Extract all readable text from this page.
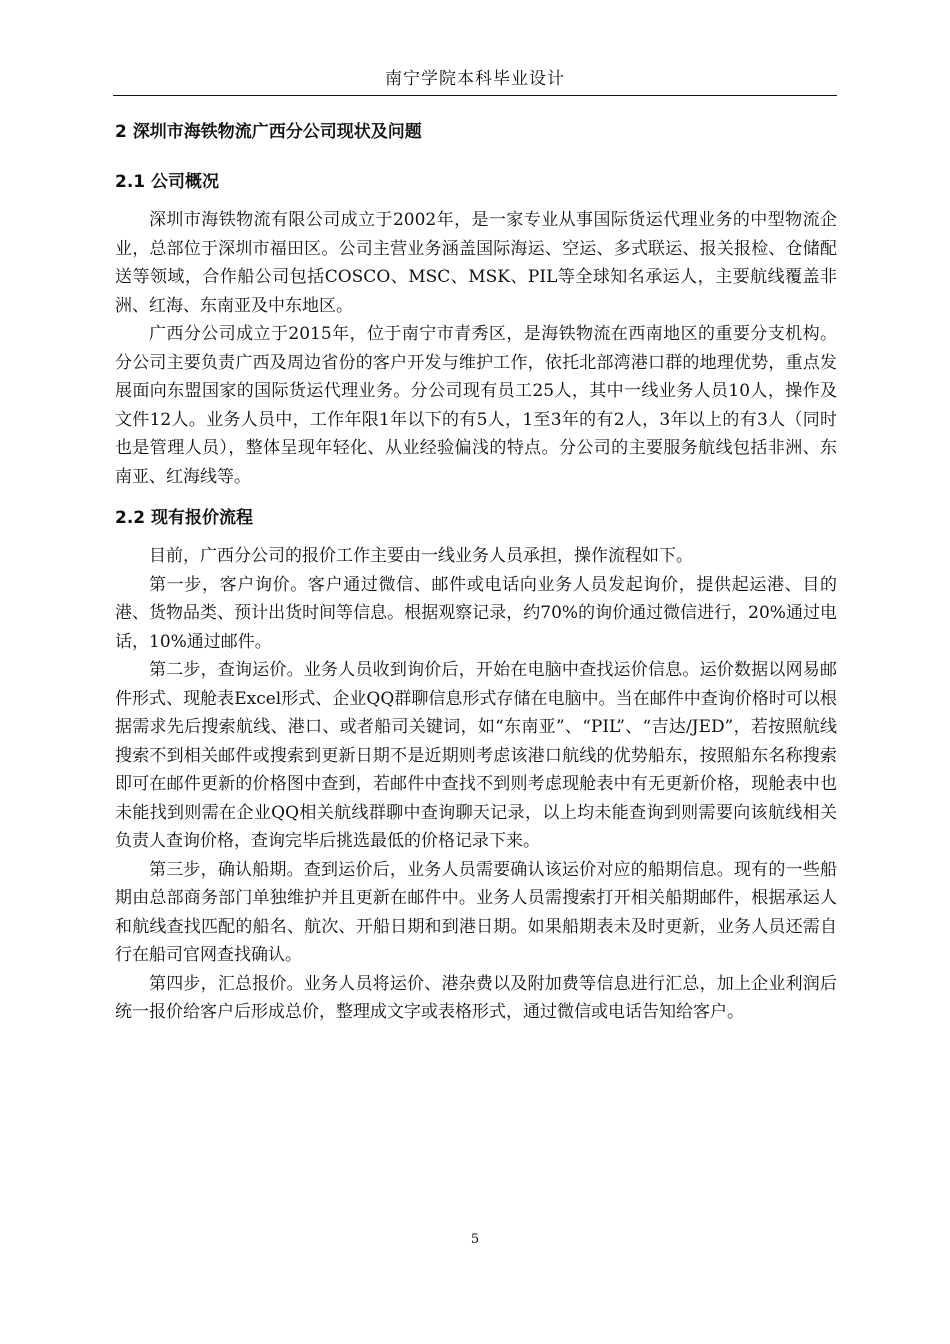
南宁学院本科毕业设计
2 深圳市海铁物流广西分公司现状及问题
2.1 公司概况

深圳市海铁物流有限公司成立于2002年，是一家专业从事国际货运代理业务的中型物流企业，总部位于深圳市福田区。公司主营业务涵盖国际海运、空运、多式联运、报关报检、仓储配送等领域，合作船公司包括COSCO、MSC、MSK、PIL等全球知名承运人，主要航线覆盖非洲、红海、东南亚及中东地区。

广西分公司成立于2015年，位于南宁市青秀区，是海铁物流在西南地区的重要分支机构。分公司主要负责广西及周边省份的客户开发与维护工作，依托北部湾港口群的地理优势，重点发展面向东盟国家的国际货运代理业务。分公司现有员工25人，其中一线业务人员10人，操作及文件12人。业务人员中，工作年限1年以下的有5人，1至3年的有2人，3年以上的有3人（同时也是管理人员），整体呈现年轻化、从业经验偏浅的特点。分公司的主要服务航线包括非洲、东南亚、红海线等。

2.2 现有报价流程

目前，广西分公司的报价工作主要由一线业务人员承担，操作流程如下。

第一步，客户询价。客户通过微信、邮件或电话向业务人员发起询价，提供起运港、目的港、货物品类、预计出货时间等信息。根据观察记录，约70%的询价通过微信进行，20%通过电话，10%通过邮件。

第二步，查询运价。业务人员收到询价后，开始在电脑中查找运价信息。运价数据以网易邮件形式、现舱表Excel形式、企业QQ群聊信息形式存储在电脑中。当在邮件中查询价格时可以根据需求先后搜索航线、港口、或者船司关键词，如“东南亚”、“PIL”、“吉达/JED”，若按照航线搜索不到相关邮件或搜索到更新日期不是近期则考虑该港口航线的优势船东，按照船东名称搜索即可在邮件更新的价格图中查到，若邮件中查找不到则考虑现舱表中有无更新价格，现舱表中也未能找到则需在企业QQ相关航线群聊中查询聊天记录，以上均未能查询到则需要向该航线相关负责人查询价格，查询完毕后挑选最低的价格记录下来。

第三步，确认船期。查到运价后，业务人员需要确认该运价对应的船期信息。现有的一些船期由总部商务部门单独维护并且更新在邮件中。业务人员需搜索打开相关船期邮件，根据承运人和航线查找匹配的船名、航次、开船日期和到港日期。如果船期表未及时更新，业务人员还需自行在船司官网查找确认。

第四步，汇总报价。业务人员将运价、港杂费以及附加费等信息进行汇总，加上企业利润后统一报价给客户后形成总价，整理成文字或表格形式，通过微信或电话告知给客户。

5
